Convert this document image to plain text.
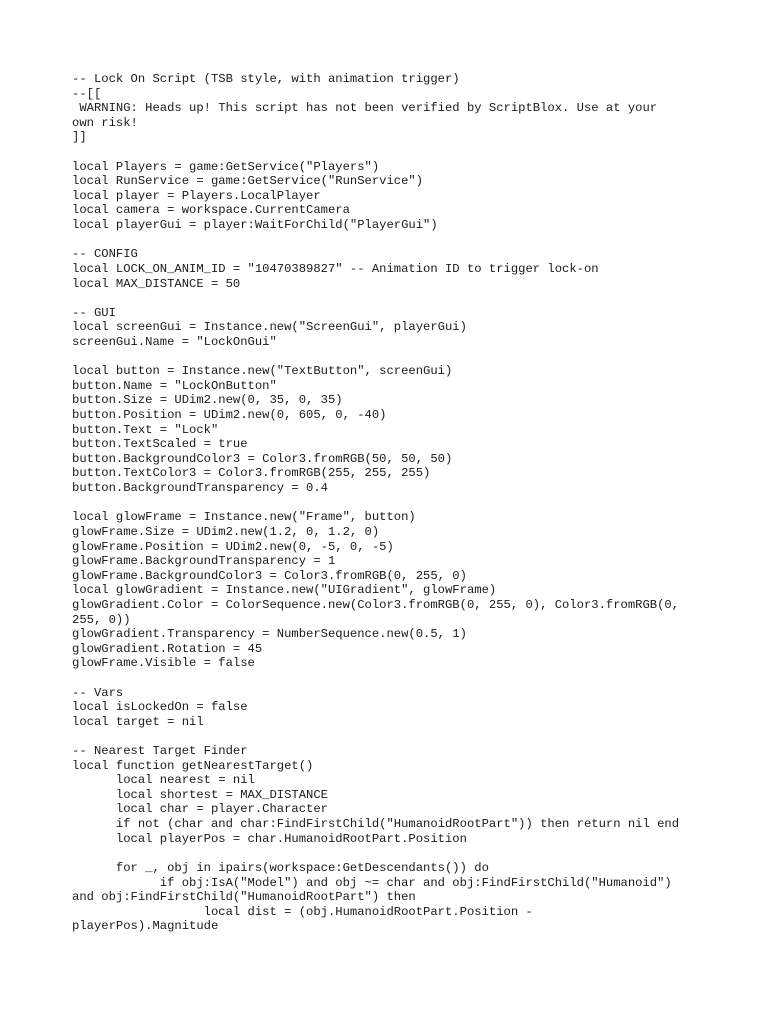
-- Lock On Script (TSB style, with animation trigger)
--[[
WARNING: Heads up! This script has not been verified by ScriptBlox. Use at your
own risk!
]]
local Players = game:GetService("Players")
local RunService = game:GetService("RunService")
local player = Players.LocalPlayer
local camera = workspace.CurrentCamera
local playerGui = player:WaitForChild("PlayerGui")
-- CONFIG
local LOCK_ON_ANIM_ID = "10470389827" -- Animation ID to trigger lock-on
local MAX_DISTANCE = 50
-- GUI
local screenGui = Instance.new("ScreenGui", playerGui)
screenGui.Name = "LockOnGui"
local button = Instance.new("TextButton", screenGui)
button.Name = "LockOnButton"
button.Size = UDim2.new(0, 35, 0, 35)
button.Position = UDim2.new(0, 605, 0, -40)
button.Text = "Lock"
button.TextScaled = true
button.BackgroundColor3 = Color3.fromRGB(50, 50, 50)
button.TextColor3 = Color3.fromRGB(255, 255, 255)
button.BackgroundTransparency = 0.4
local glowFrame = Instance.new("Frame", button)
glowFrame.Size = UDim2.new(1.2, 0, 1.2, 0)
glowFrame.Position = UDim2.new(0, -5, 0, -5)
glowFrame.BackgroundTransparency = 1
glowFrame.BackgroundColor3 = Color3.fromRGB(0, 255, 0)
local glowGradient = Instance.new("UIGradient", glowFrame)
glowGradient.Color = ColorSequence.new(Color3.fromRGB(0, 255, 0), Color3.fromRGB(0,
255, 0))
glowGradient.Transparency = NumberSequence.new(0.5, 1)
glowGradient.Rotation = 45
glowFrame.Visible = false
-- Vars
local isLockedOn = false
local target = nil
-- Nearest Target Finder
local function getNearestTarget()
local nearest = nil
local shortest = MAX_DISTANCE
local char = player.Character
if not (char and char:FindFirstChild("HumanoidRootPart")) then return nil end
local playerPos = char.HumanoidRootPart.Position
for _, obj in ipairs(workspace:GetDescendants()) do
if obj:IsA("Model") and obj ~= char and obj:FindFirstChild("Humanoid")
and obj:FindFirstChild("HumanoidRootPart") then
local dist = (obj.HumanoidRootPart.Position -
playerPos).Magnitude
